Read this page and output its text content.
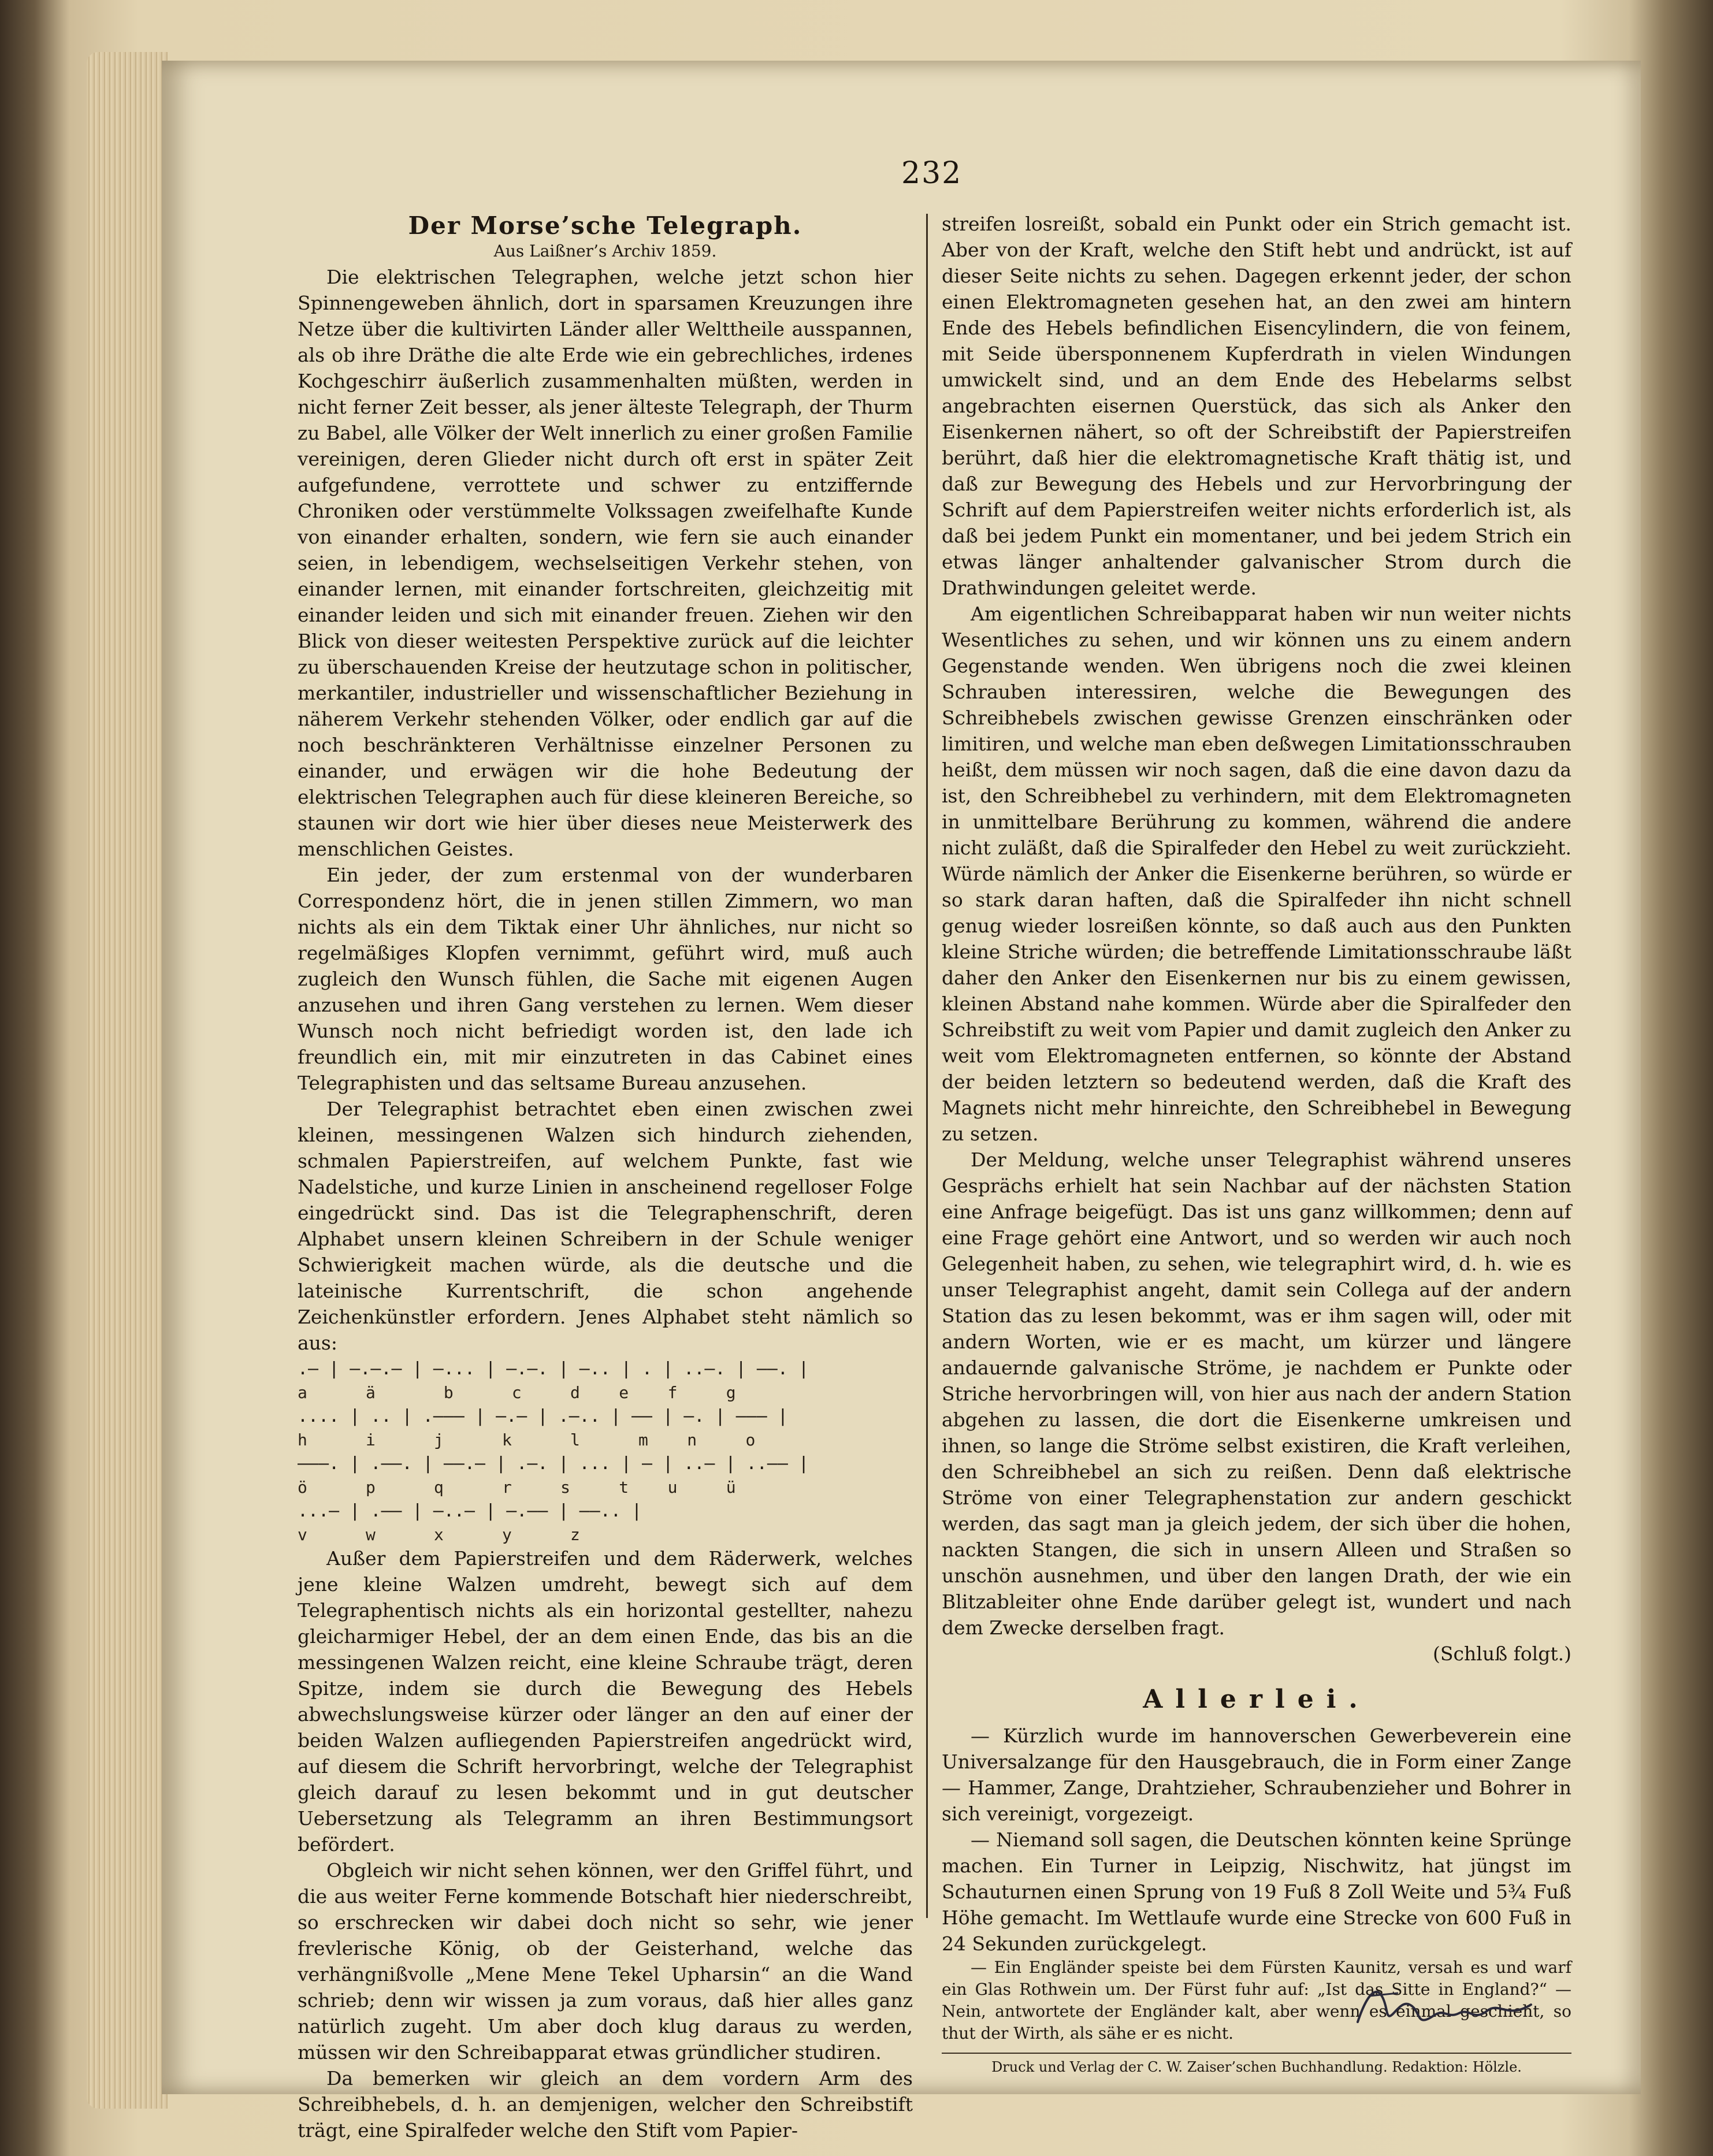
232
Der Morse’sche Telegraph.
Aus Laißner’s Archiv 1859.

Die elektrischen Telegraphen, welche jetzt schon hier Spinnengeweben ähnlich, dort in sparsamen Kreuzungen ihre Netze über die kultivirten Länder aller Welttheile ausspannen, als ob ihre Dräthe die alte Erde wie ein gebrechliches, irdenes Kochgeschirr äußerlich zusammenhalten müßten, werden in nicht ferner Zeit besser, als jener älteste Telegraph, der Thurm zu Babel, alle Völker der Welt innerlich zu einer großen Familie vereinigen, deren Glieder nicht durch oft erst in später Zeit aufgefundene, verrottete und schwer zu entziffernde Chroniken oder verstümmelte Volkssagen zweifelhafte Kunde von einander erhalten, sondern, wie fern sie auch einander seien, in lebendigem, wechselseitigen Verkehr stehen, von einander lernen, mit einander fortschreiten, gleichzeitig mit einander leiden und sich mit einander freuen. Ziehen wir den Blick von dieser weitesten Perspektive zurück auf die leichter zu überschauenden Kreise der heutzutage schon in politischer, merkantiler, industrieller und wissenschaftlicher Beziehung in näherem Verkehr stehenden Völker, oder endlich gar auf die noch beschränkteren Verhältnisse einzelner Personen zu einander, und erwägen wir die hohe Bedeutung der elektrischen Telegraphen auch für diese kleineren Bereiche, so staunen wir dort wie hier über dieses neue Meisterwerk des menschlichen Geistes.

Ein jeder, der zum erstenmal von der wunderbaren Correspondenz hört, die in jenen stillen Zimmern, wo man nichts als ein dem Tiktak einer Uhr ähnliches, nur nicht so regelmäßiges Klopfen vernimmt, geführt wird, muß auch zugleich den Wunsch fühlen, die Sache mit eigenen Augen anzusehen und ihren Gang verstehen zu lernen. Wem dieser Wunsch noch nicht befriedigt worden ist, den lade ich freundlich ein, mit mir einzutreten in das Cabinet eines Telegraphisten und das seltsame Bureau anzusehen.

Der Telegraphist betrachtet eben einen zwischen zwei kleinen, messingenen Walzen sich hindurch ziehenden, schmalen Papierstreifen, auf welchem Punkte, fast wie Nadelstiche, und kurze Linien in anscheinend regelloser Folge eingedrückt sind. Das ist die Telegraphenschrift, deren Alphabet unsern kleinen Schreibern in der Schule weniger Schwierigkeit machen würde, als die deutsche und die lateinische Kurrentschrift, die schon angehende Zeichenkünstler erfordern. Jenes Alphabet steht nämlich so aus:

.— | —.—.— | —... | —.—. | —.. | . | ..—. | ——. |
a      ä       b      c     d    e    f     g
.... | .. | .——— | —.— | .—.. | —— | —. | ——— |
h      i      j      k      l      m    n     o
———. | .——. | ——.— | .—. | ... | — | ..— | ..—— |
ö      p      q      r     s     t    u     ü
...— | .—— | —..— | —.—— | ——.. |
v      w      x      y      z

Außer dem Papierstreifen und dem Räderwerk, welches jene kleine Walzen umdreht, bewegt sich auf dem Telegraphentisch nichts als ein horizontal gestellter, nahezu gleicharmiger Hebel, der an dem einen Ende, das bis an die messingenen Walzen reicht, eine kleine Schraube trägt, deren Spitze, indem sie durch die Bewegung des Hebels abwechslungsweise kürzer oder länger an den auf einer der beiden Walzen aufliegenden Papierstreifen angedrückt wird, auf diesem die Schrift hervorbringt, welche der Telegraphist gleich darauf zu lesen bekommt und in gut deutscher Uebersetzung als Telegramm an ihren Bestimmungsort befördert.

Obgleich wir nicht sehen können, wer den Griffel führt, und die aus weiter Ferne kommende Botschaft hier niederschreibt, so erschrecken wir dabei doch nicht so sehr, wie jener frevlerische König, ob der Geisterhand, welche das verhängnißvolle „Mene Mene Tekel Upharsin“ an die Wand schrieb; denn wir wissen ja zum voraus, daß hier alles ganz natürlich zugeht. Um aber doch klug daraus zu werden, müssen wir den Schreibapparat etwas gründlicher studiren.

Da bemerken wir gleich an dem vordern Arm des Schreibhebels, d. h. an demjenigen, welcher den Schreibstift trägt, eine Spiralfeder welche den Stift vom Papier-

streifen losreißt, sobald ein Punkt oder ein Strich gemacht ist. Aber von der Kraft, welche den Stift hebt und andrückt, ist auf dieser Seite nichts zu sehen. Dagegen erkennt jeder, der schon einen Elektromagneten gesehen hat, an den zwei am hintern Ende des Hebels befindlichen Eisencylindern, die von feinem, mit Seide übersponnenem Kupferdrath in vielen Windungen umwickelt sind, und an dem Ende des Hebelarms selbst angebrachten eisernen Querstück, das sich als Anker den Eisenkernen nähert, so oft der Schreibstift der Papierstreifen berührt, daß hier die elektromagnetische Kraft thätig ist, und daß zur Bewegung des Hebels und zur Hervorbringung der Schrift auf dem Papierstreifen weiter nichts erforderlich ist, als daß bei jedem Punkt ein momentaner, und bei jedem Strich ein etwas länger anhaltender galvanischer Strom durch die Drathwindungen geleitet werde.

Am eigentlichen Schreibapparat haben wir nun weiter nichts Wesentliches zu sehen, und wir können uns zu einem andern Gegenstande wenden. Wen übrigens noch die zwei kleinen Schrauben interessiren, welche die Bewegungen des Schreibhebels zwischen gewisse Grenzen einschränken oder limitiren, und welche man eben deßwegen Limitationsschrauben heißt, dem müssen wir noch sagen, daß die eine davon dazu da ist, den Schreibhebel zu verhindern, mit dem Elektromagneten in unmittelbare Berührung zu kommen, während die andere nicht zuläßt, daß die Spiralfeder den Hebel zu weit zurückzieht. Würde nämlich der Anker die Eisenkerne berühren, so würde er so stark daran haften, daß die Spiralfeder ihn nicht schnell genug wieder losreißen könnte, so daß auch aus den Punkten kleine Striche würden; die betreffende Limitationsschraube läßt daher den Anker den Eisenkernen nur bis zu einem gewissen, kleinen Abstand nahe kommen. Würde aber die Spiralfeder den Schreibstift zu weit vom Papier und damit zugleich den Anker zu weit vom Elektromagneten entfernen, so könnte der Abstand der beiden letztern so bedeutend werden, daß die Kraft des Magnets nicht mehr hinreichte, den Schreibhebel in Bewegung zu setzen.

Der Meldung, welche unser Telegraphist während unseres Gesprächs erhielt hat sein Nachbar auf der nächsten Station eine Anfrage beigefügt. Das ist uns ganz willkommen; denn auf eine Frage gehört eine Antwort, und so werden wir auch noch Gelegenheit haben, zu sehen, wie telegraphirt wird, d. h. wie es unser Telegraphist angeht, damit sein Collega auf der andern Station das zu lesen bekommt, was er ihm sagen will, oder mit andern Worten, wie er es macht, um kürzer und längere andauernde galvanische Ströme, je nachdem er Punkte oder Striche hervorbringen will, von hier aus nach der andern Station abgehen zu lassen, die dort die Eisenkerne umkreisen und ihnen, so lange die Ströme selbst existiren, die Kraft verleihen, den Schreibhebel an sich zu reißen. Denn daß elektrische Ströme von einer Telegraphenstation zur andern geschickt werden, das sagt man ja gleich jedem, der sich über die hohen, nackten Stangen, die sich in unsern Alleen und Straßen so unschön ausnehmen, und über den langen Drath, der wie ein Blitzableiter ohne Ende darüber gelegt ist, wundert und nach dem Zwecke derselben fragt.

(Schluß folgt.)
Allerlei.

— Kürzlich wurde im hannoverschen Gewerbeverein eine Universalzange für den Hausgebrauch, die in Form einer Zange — Hammer, Zange, Drahtzieher, Schraubenzieher und Bohrer in sich vereinigt, vorgezeigt.

— Niemand soll sagen, die Deutschen könnten keine Sprünge machen. Ein Turner in Leipzig, Nischwitz, hat jüngst im Schauturnen einen Sprung von 19 Fuß 8 Zoll Weite und 5¾ Fuß Höhe gemacht. Im Wettlaufe wurde eine Strecke von 600 Fuß in 24 Sekunden zurückgelegt.

— Ein Engländer speiste bei dem Fürsten Kaunitz, versah es und warf ein Glas Rothwein um. Der Fürst fuhr auf: „Ist das Sitte in England?“ — Nein, antwortete der Engländer kalt, aber wenn es einmal geschieht, so thut der Wirth, als sähe er es nicht.

Druck und Verlag der C. W. Zaiser’schen Buchhandlung. Redaktion: Hölzle.
